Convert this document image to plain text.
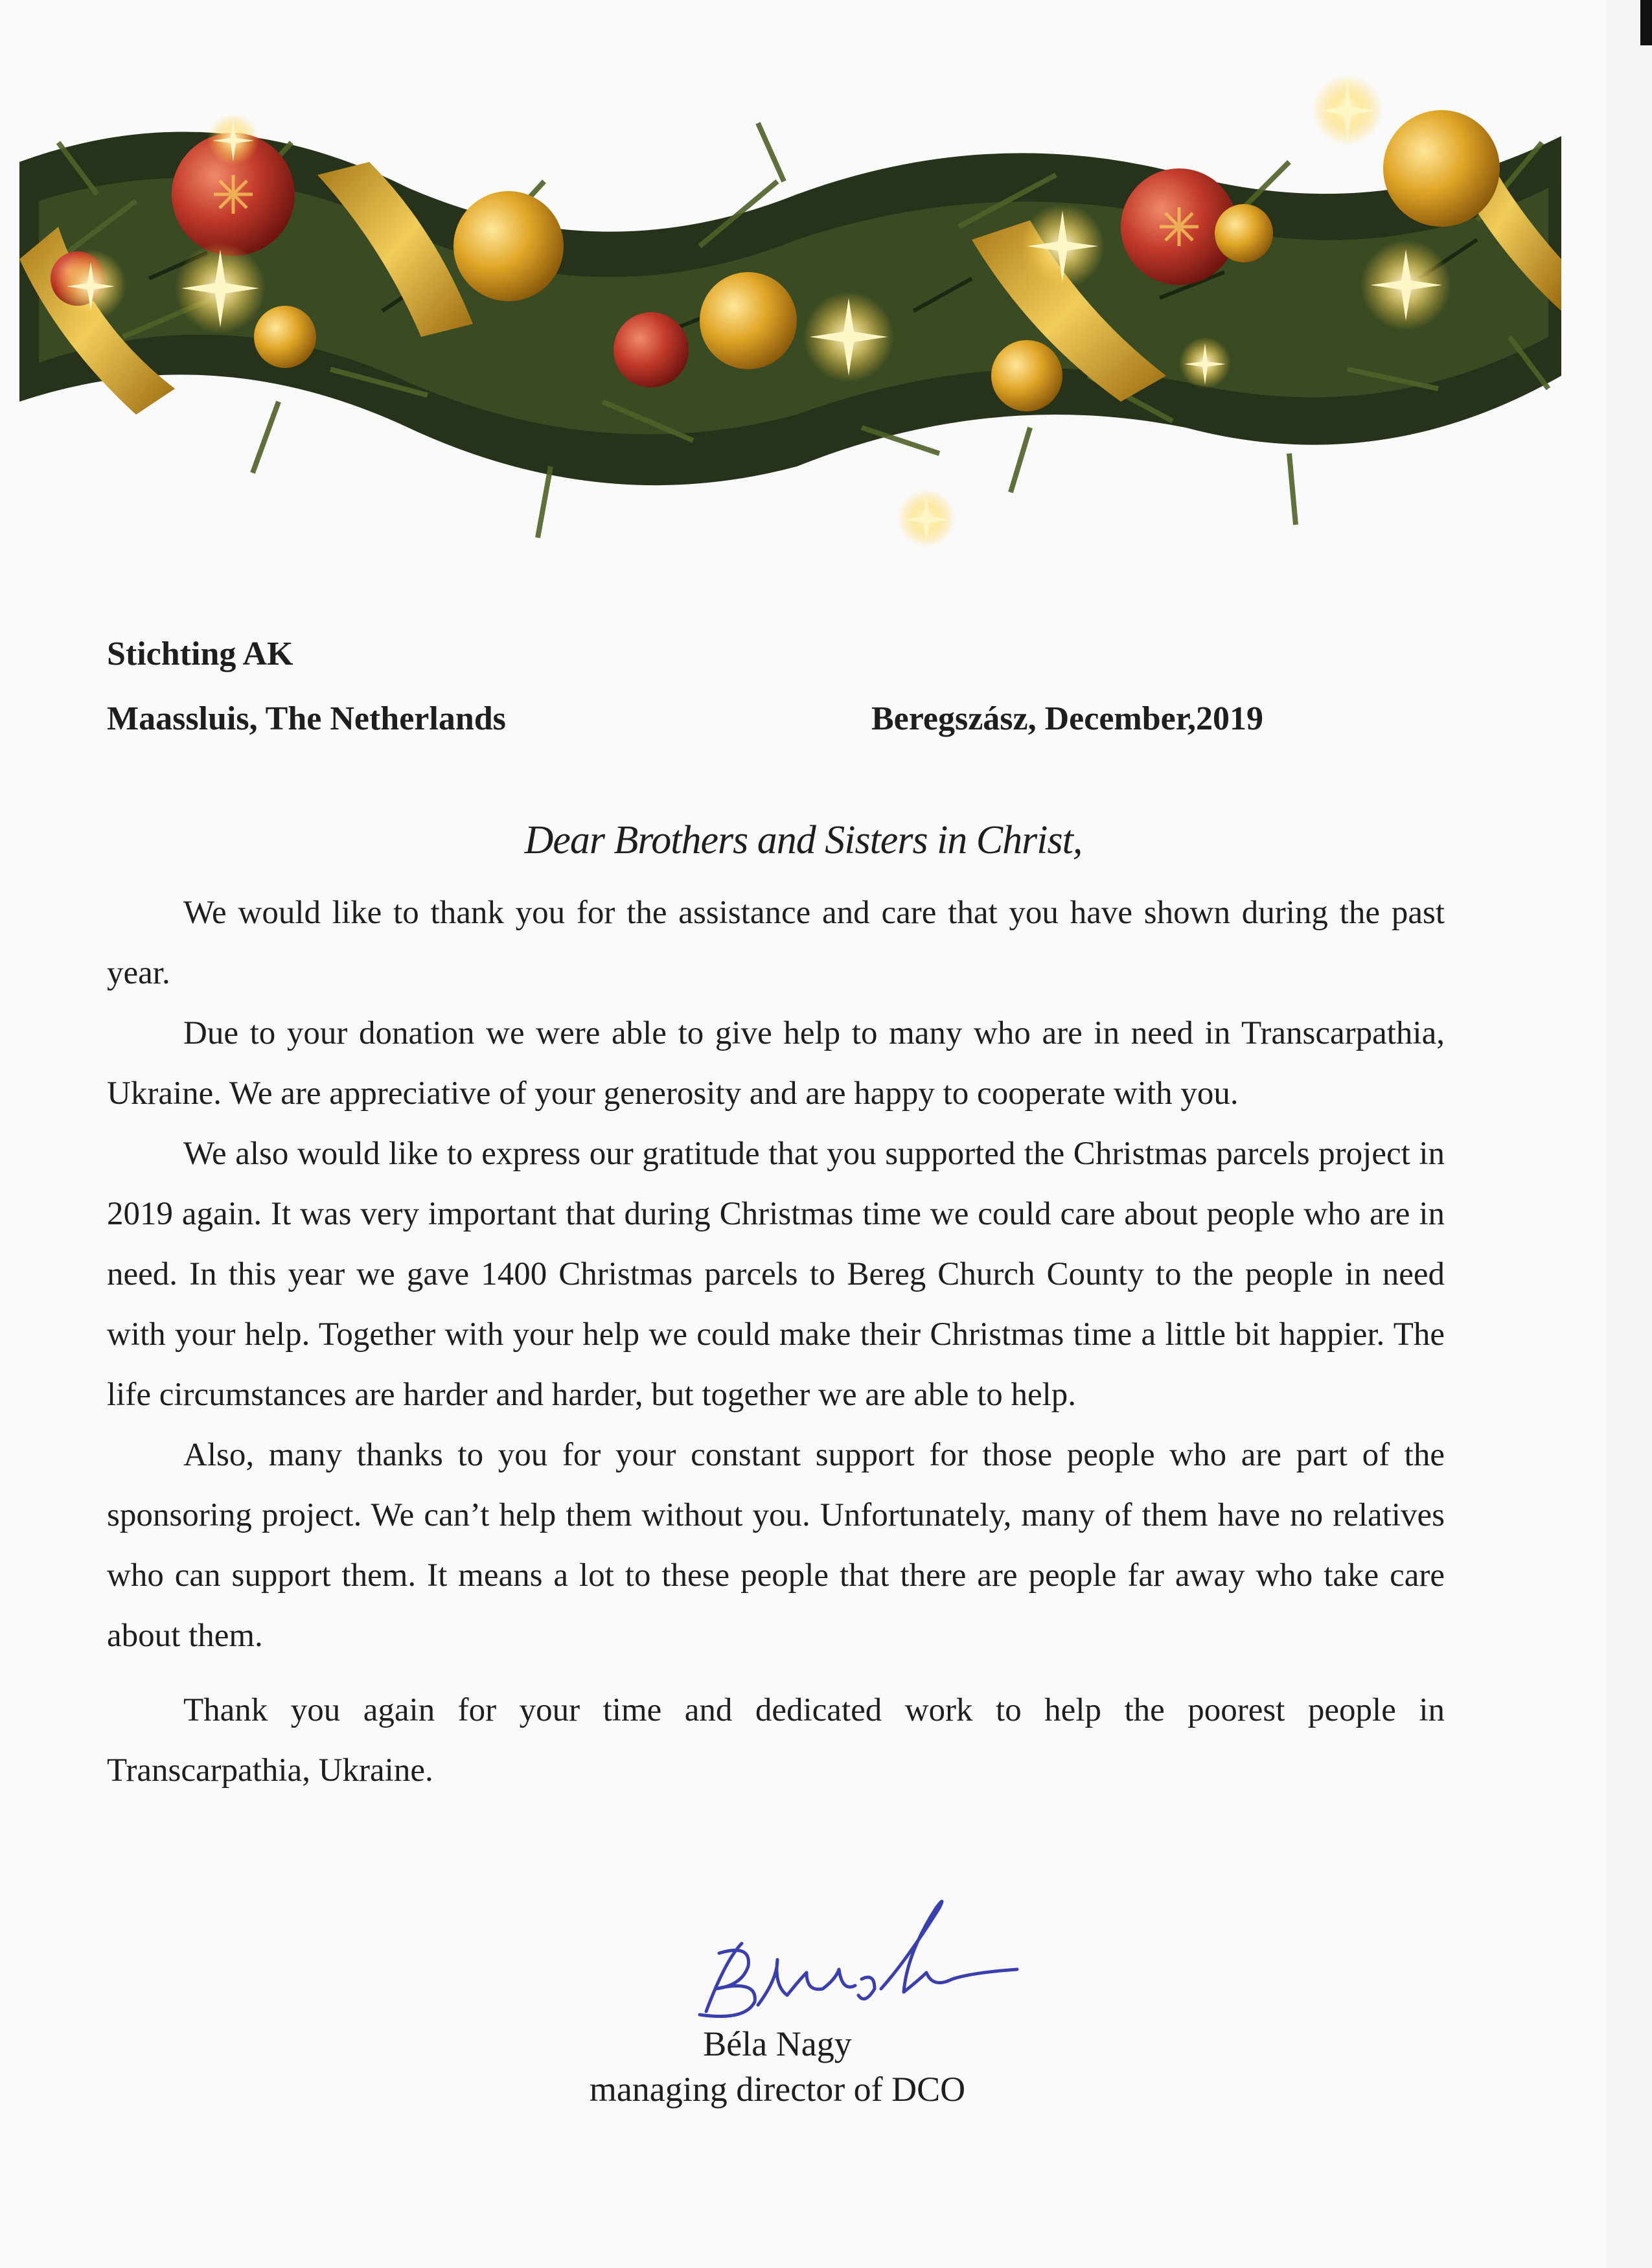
Stichting AK
Maassluis, The Netherlands	Beregszász, December,2019
Dear Brothers and Sisters in Christ,

We would like to thank you for the assistance and care that you have shown during the past year.

Due to your donation we were able to give help to many who are in need in Transcarpathia, Ukraine. We are appreciative of your generosity and are happy to cooperate with you.

We also would like to express our gratitude that you supported the Christmas parcels project in 2019 again. It was very important that during Christmas time we could care about people who are in need. In this year we gave 1400 Christmas parcels to Bereg Church County to the people in need with your help. Together with your help we could make their Christmas time a little bit happier. The life circumstances are harder and harder, but together we are able to help.

Also, many thanks to you for your constant support for those people who are part of the sponsoring project. We can’t help them without you. Unfortunately, many of them have no relatives who can support them. It means a lot to these people that there are people far away who take care about them.

Thank you again for your time and dedicated work to help the poorest people in Transcarpathia, Ukraine.

Béla Nagy
managing director of DCO
